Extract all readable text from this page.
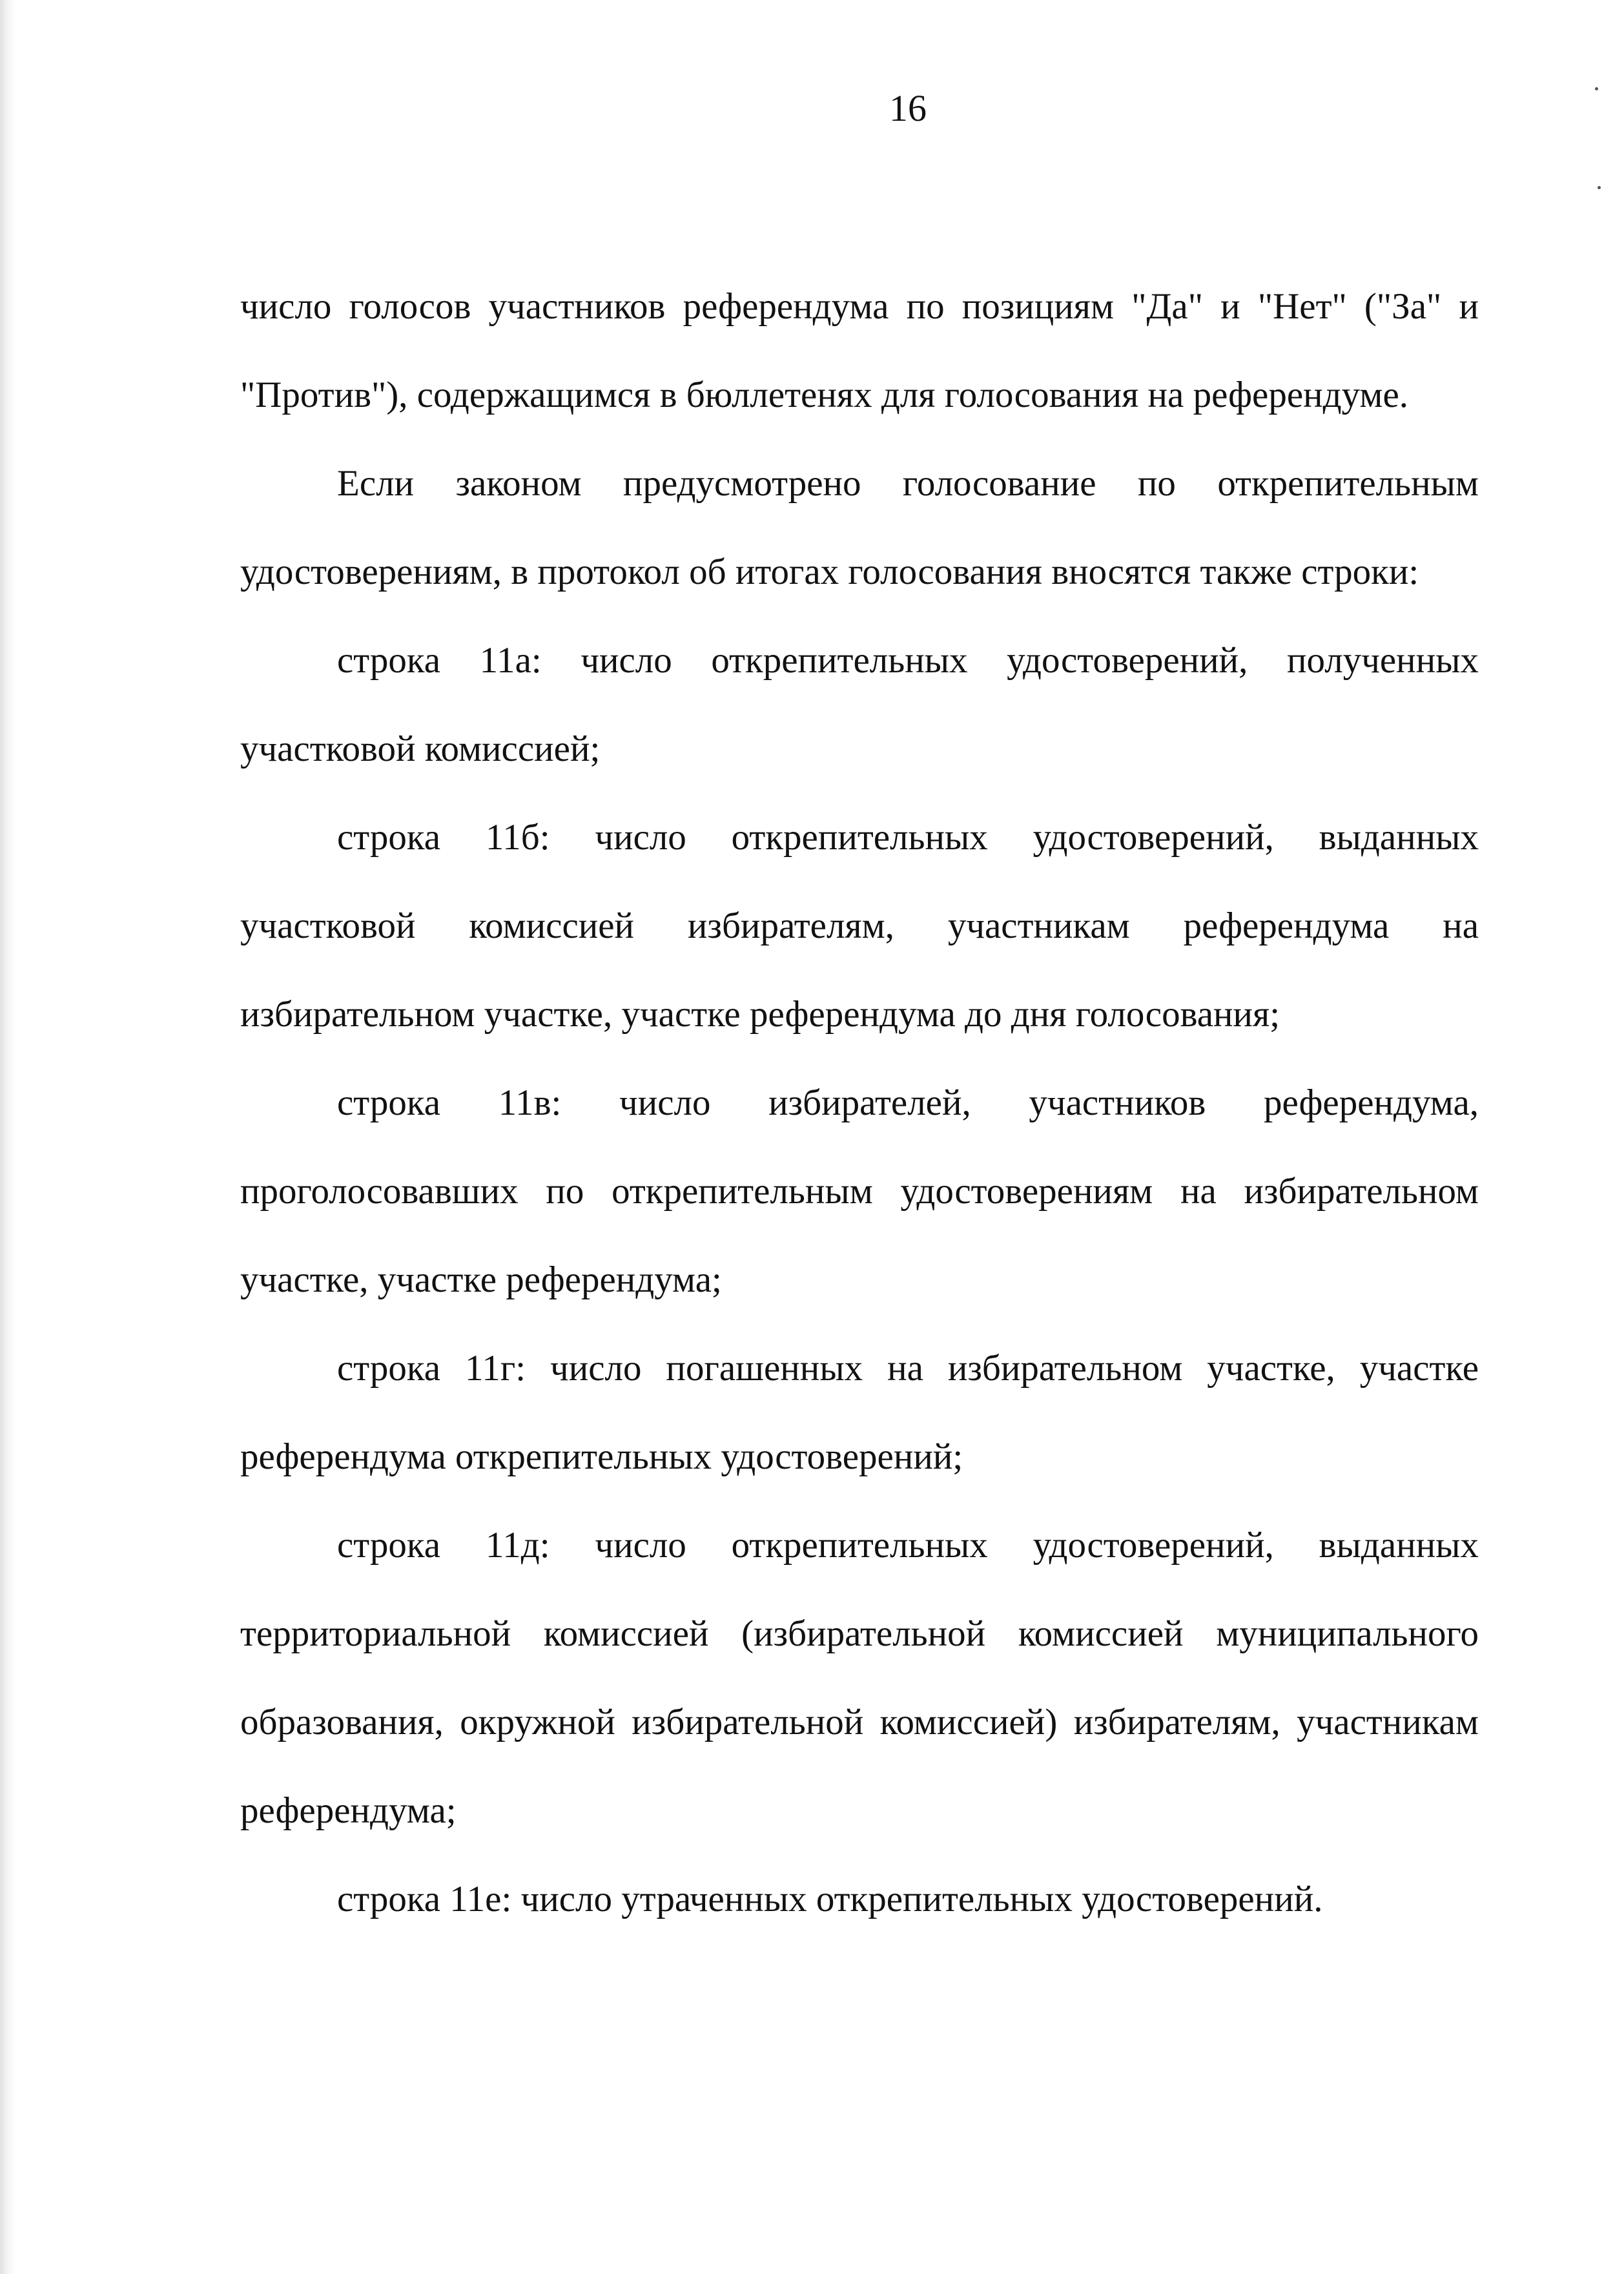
16

число голосов участников референдума по позициям "Да" и "Нет" ("За" и "Против"), содержащимся в бюллетенях для голосования на референдуме.

Если законом предусмотрено голосование по открепительным удостоверениям, в протокол об итогах голосования вносятся также строки:

строка 11а: число открепительных удостоверений, полученных участковой комиссией;

строка 11б: число открепительных удостоверений, выданных участковой комиссией избирателям, участникам референдума на избирательном участке, участке референдума до дня голосования;

строка 11в: число избирателей, участников референдума, проголосовавших по открепительным удостоверениям на избирательном участке, участке референдума;

строка 11г: число погашенных на избирательном участке, участке референдума открепительных удостоверений;

строка 11д: число открепительных удостоверений, выданных территориальной комиссией (избирательной комиссией муниципального образования, окружной избирательной комиссией) избирателям, участникам референдума;

строка 11е: число утраченных открепительных удостоверений.
